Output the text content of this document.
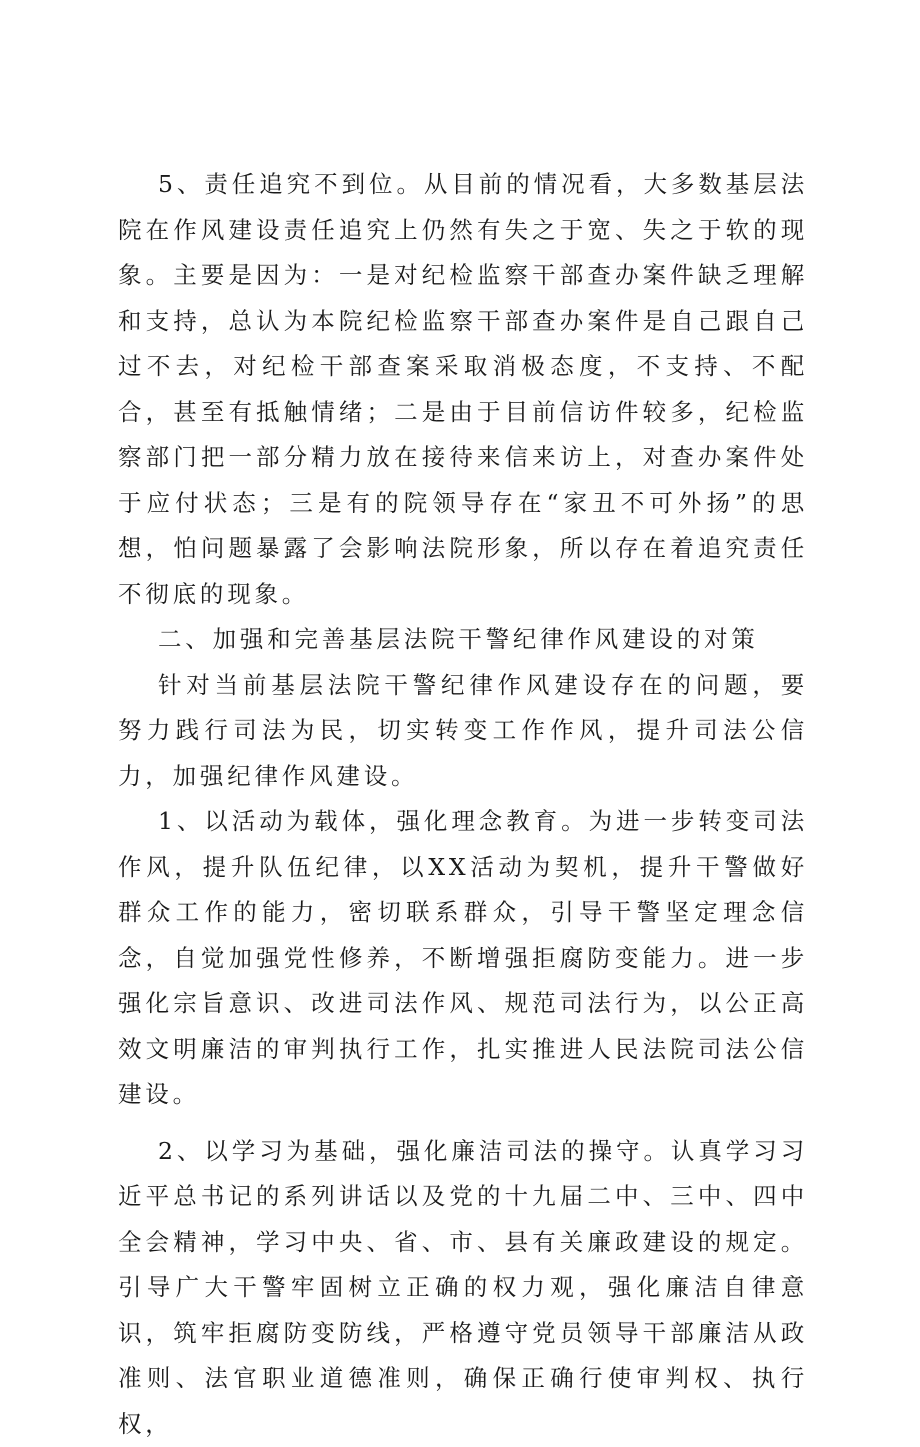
5、责任追究不到位。从目前的情况看，大多数基层法院在作风建设责任追究上仍然有失之于宽、失之于软的现象。主要是因为：一是对纪检监察干部查办案件缺乏理解和支持，总认为本院纪检监察干部查办案件是自己跟自己过不去，对纪检干部查案采取消极态度，不支持、不配合，甚至有抵触情绪；二是由于目前信访件较多，纪检监察部门把一部分精力放在接待来信来访上，对查办案件处于应付状态；三是有的院领导存在“家丑不可外扬”的思想，怕问题暴露了会影响法院形象，所以存在着追究责任不彻底的现象。

二、加强和完善基层法院干警纪律作风建设的对策

针对当前基层法院干警纪律作风建设存在的问题，要努力践行司法为民，切实转变工作作风，提升司法公信力，加强纪律作风建设。

1、以活动为载体，强化理念教育。为进一步转变司法作风，提升队伍纪律，以XX活动为契机，提升干警做好群众工作的能力，密切联系群众，引导干警坚定理念信念，自觉加强党性修养，不断增强拒腐防变能力。进一步强化宗旨意识、改进司法作风、规范司法行为，以公正高效文明廉洁的审判执行工作，扎实推进人民法院司法公信建设。

2、以学习为基础，强化廉洁司法的操守。认真学习习近平总书记的系列讲话以及党的十九届二中、三中、四中全会精神，学习中央、省、市、县有关廉政建设的规定。引导广大干警牢固树立正确的权力观，强化廉洁自律意识，筑牢拒腐防变防线，严格遵守党员领导干部廉洁从政准则、法官职业道德准则，确保正确行使审判权、执行权，
